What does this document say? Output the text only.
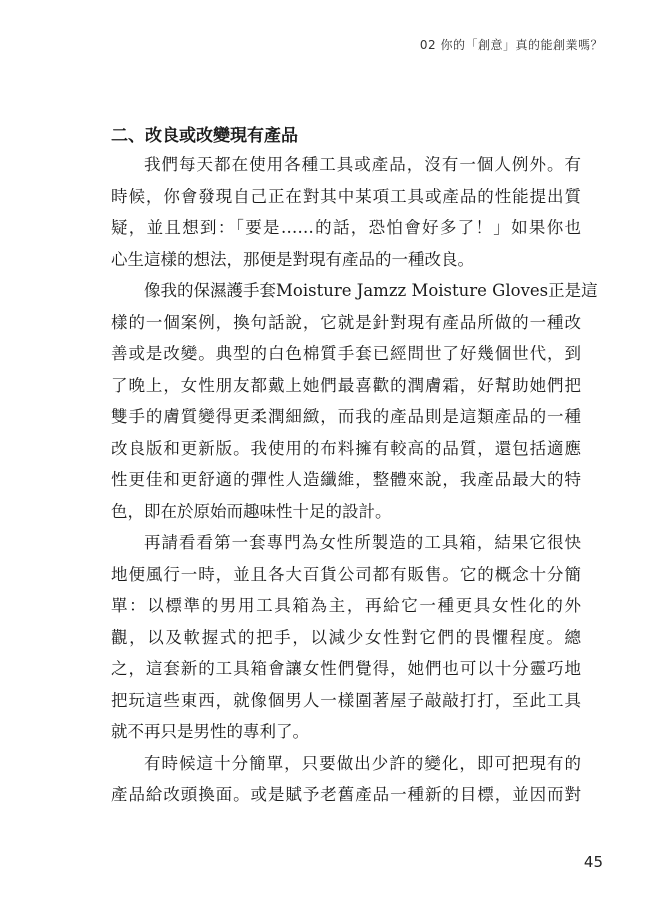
02 你的「創意」真的能創業嗎？
二、改良或改變現有產品

我們每天都在使用各種工具或產品，沒有一個人例外。有
時候，你會發現自己正在對其中某項工具或產品的性能提出質
疑，並且想到：「要是……的話，恐怕會好多了！」如果你也
心生這樣的想法，那便是對現有產品的一種改良。

像我的保濕護手套Moisture Jamzz Moisture Gloves正是這
樣的一個案例，換句話說，它就是針對現有產品所做的一種改
善或是改變。典型的白色棉質手套已經問世了好幾個世代，到
了晚上，女性朋友都戴上她們最喜歡的潤膚霜，好幫助她們把
雙手的膚質變得更柔潤細緻，而我的產品則是這類產品的一種
改良版和更新版。我使用的布料擁有較高的品質，還包括適應
性更佳和更舒適的彈性人造纖維，整體來說，我產品最大的特
色，即在於原始而趣味性十足的設計。

再請看看第一套專門為女性所製造的工具箱，結果它很快
地便風行一時，並且各大百貨公司都有販售。它的概念十分簡
單：以標準的男用工具箱為主，再給它一種更具女性化的外
觀，以及軟握式的把手，以減少女性對它們的畏懼程度。總
之，這套新的工具箱會讓女性們覺得，她們也可以十分靈巧地
把玩這些東西，就像個男人一樣圍著屋子敲敲打打，至此工具
就不再只是男性的專利了。

有時候這十分簡單，只要做出少許的變化，即可把現有的
產品給改頭換面。或是賦予老舊產品一種新的目標，並因而對

45
